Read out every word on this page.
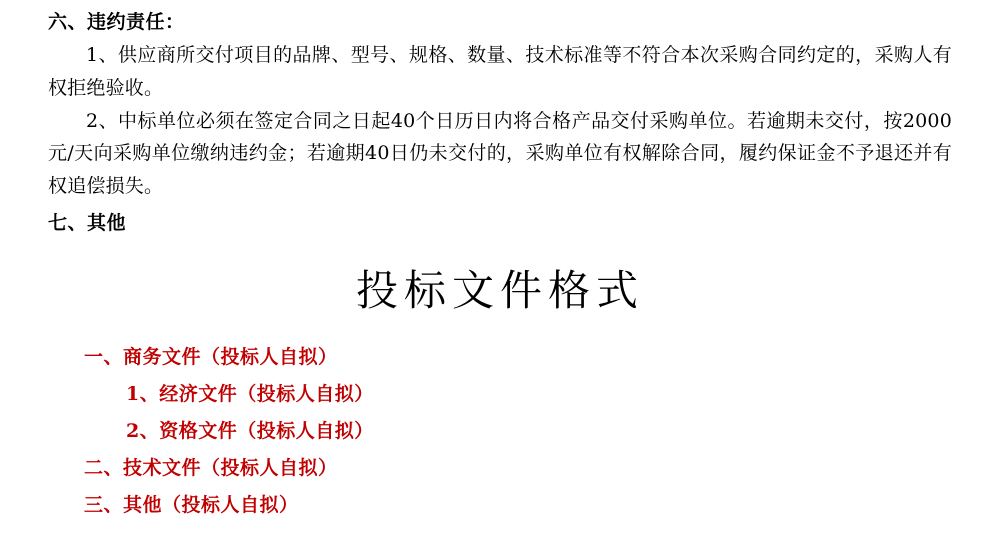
六、违约责任：

1、供应商所交付项目的品牌、型号、规格、数量、技术标准等不符合本次采购合同约定的，采购人有权拒绝验收。

2、中标单位必须在签定合同之日起40个日历日内将合格产品交付采购单位。若逾期未交付，按2000元/天向采购单位缴纳违约金；若逾期40日仍未交付的，采购单位有权解除合同，履约保证金不予退还并有权追偿损失。

七、其他
投标文件格式
一、商务文件（投标人自拟）
1、经济文件（投标人自拟）
2、资格文件（投标人自拟）
二、技术文件（投标人自拟）
三、其他（投标人自拟）
